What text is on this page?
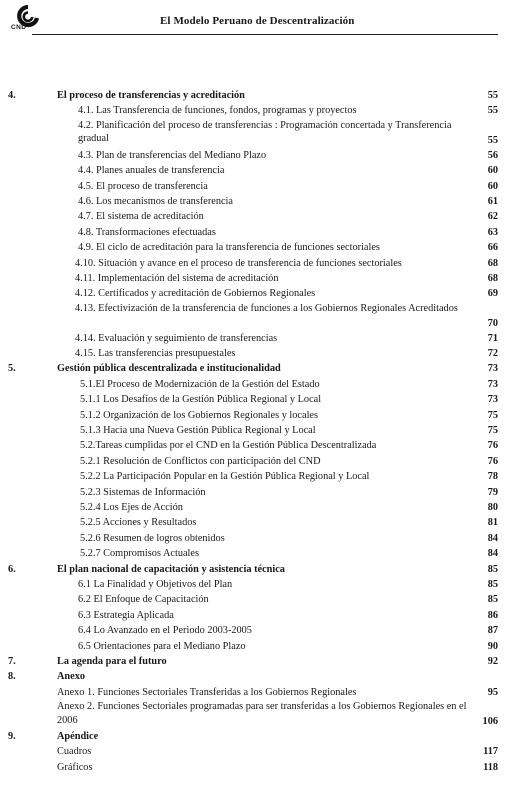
CND
El Modelo Peruano de Descentralización
4.	El proceso de transferencias y acreditación	55
4.1. Las Transferencia de funciones, fondos, programas y proyectos	55
4.2. Planificación del proceso de transferencias : Programación concertada y Transferencia gradual	55
4.3. Plan de transferencias del Mediano Plazo	56
4.4. Planes anuales de transferencia	60
4.5. El proceso de transferencia	60
4.6. Los mecanismos de transferencia	61
4.7. El sistema de acreditación	62
4.8. Transformaciones efectuadas	63
4.9. El ciclo de acreditación para la transferencia de funciones sectoriales	66
4.10. Situación y avance en el proceso de transferencia de funciones sectoriales	68
4.11. Implementación del sistema de acreditación	68
4.12. Certificados y acreditación de Gobiernos Regionales	69
4.13. Efectivización de la transferencia de funciones a los Gobiernos Regionales Acreditados
70
4.14. Evaluación y seguimiento de transferencias	71
4.15. Las transferencias presupuestales	72
5.	Gestión pública descentralizada e institucionalidad	73
5.1.El Proceso de Modernización de la Gestión del Estado	73
5.1.1 Los Desafíos de la Gestión Pública Regional y Local	73
5.1.2 Organización de los Gobiernos Regionales y locales	75
5.1.3 Hacia una Nueva Gestión Pública Regional y Local	75
5.2.Tareas cumplidas por el CND en la Gestión Pública Descentralizada	76
5.2.1 Resolución de Conflictos con participación del CND	76
5.2.2 La Participación Popular en la Gestión Pública Regional y Local	78
5.2.3 Sistemas de Información	79
5.2.4 Los Ejes de Acción	80
5.2.5 Acciones y Resultados	81
5.2.6 Resumen de logros obtenidos	84
5.2.7 Compromisos Actuales	84
6.	El plan nacional de capacitación y asistencia técnica	85
6.1 La Finalidad y Objetivos del Plan	85
6.2 El Enfoque de Capacitación	85
6.3 Estrategia Aplicada	86
6.4 Lo Avanzado en el Periodo 2003-2005	87
6.5 Orientaciones para el Mediano Plazo	90
7.	La agenda para el futuro	92
8.	Anexo
Anexo 1. Funciones Sectoriales Transferidas a los Gobiernos Regionales	95
Anexo 2. Funciones Sectoriales programadas para ser transferidas a los Gobiernos Regionales en el 2006	106
9.	Apéndice
Cuadros	117
Gráficos	118
